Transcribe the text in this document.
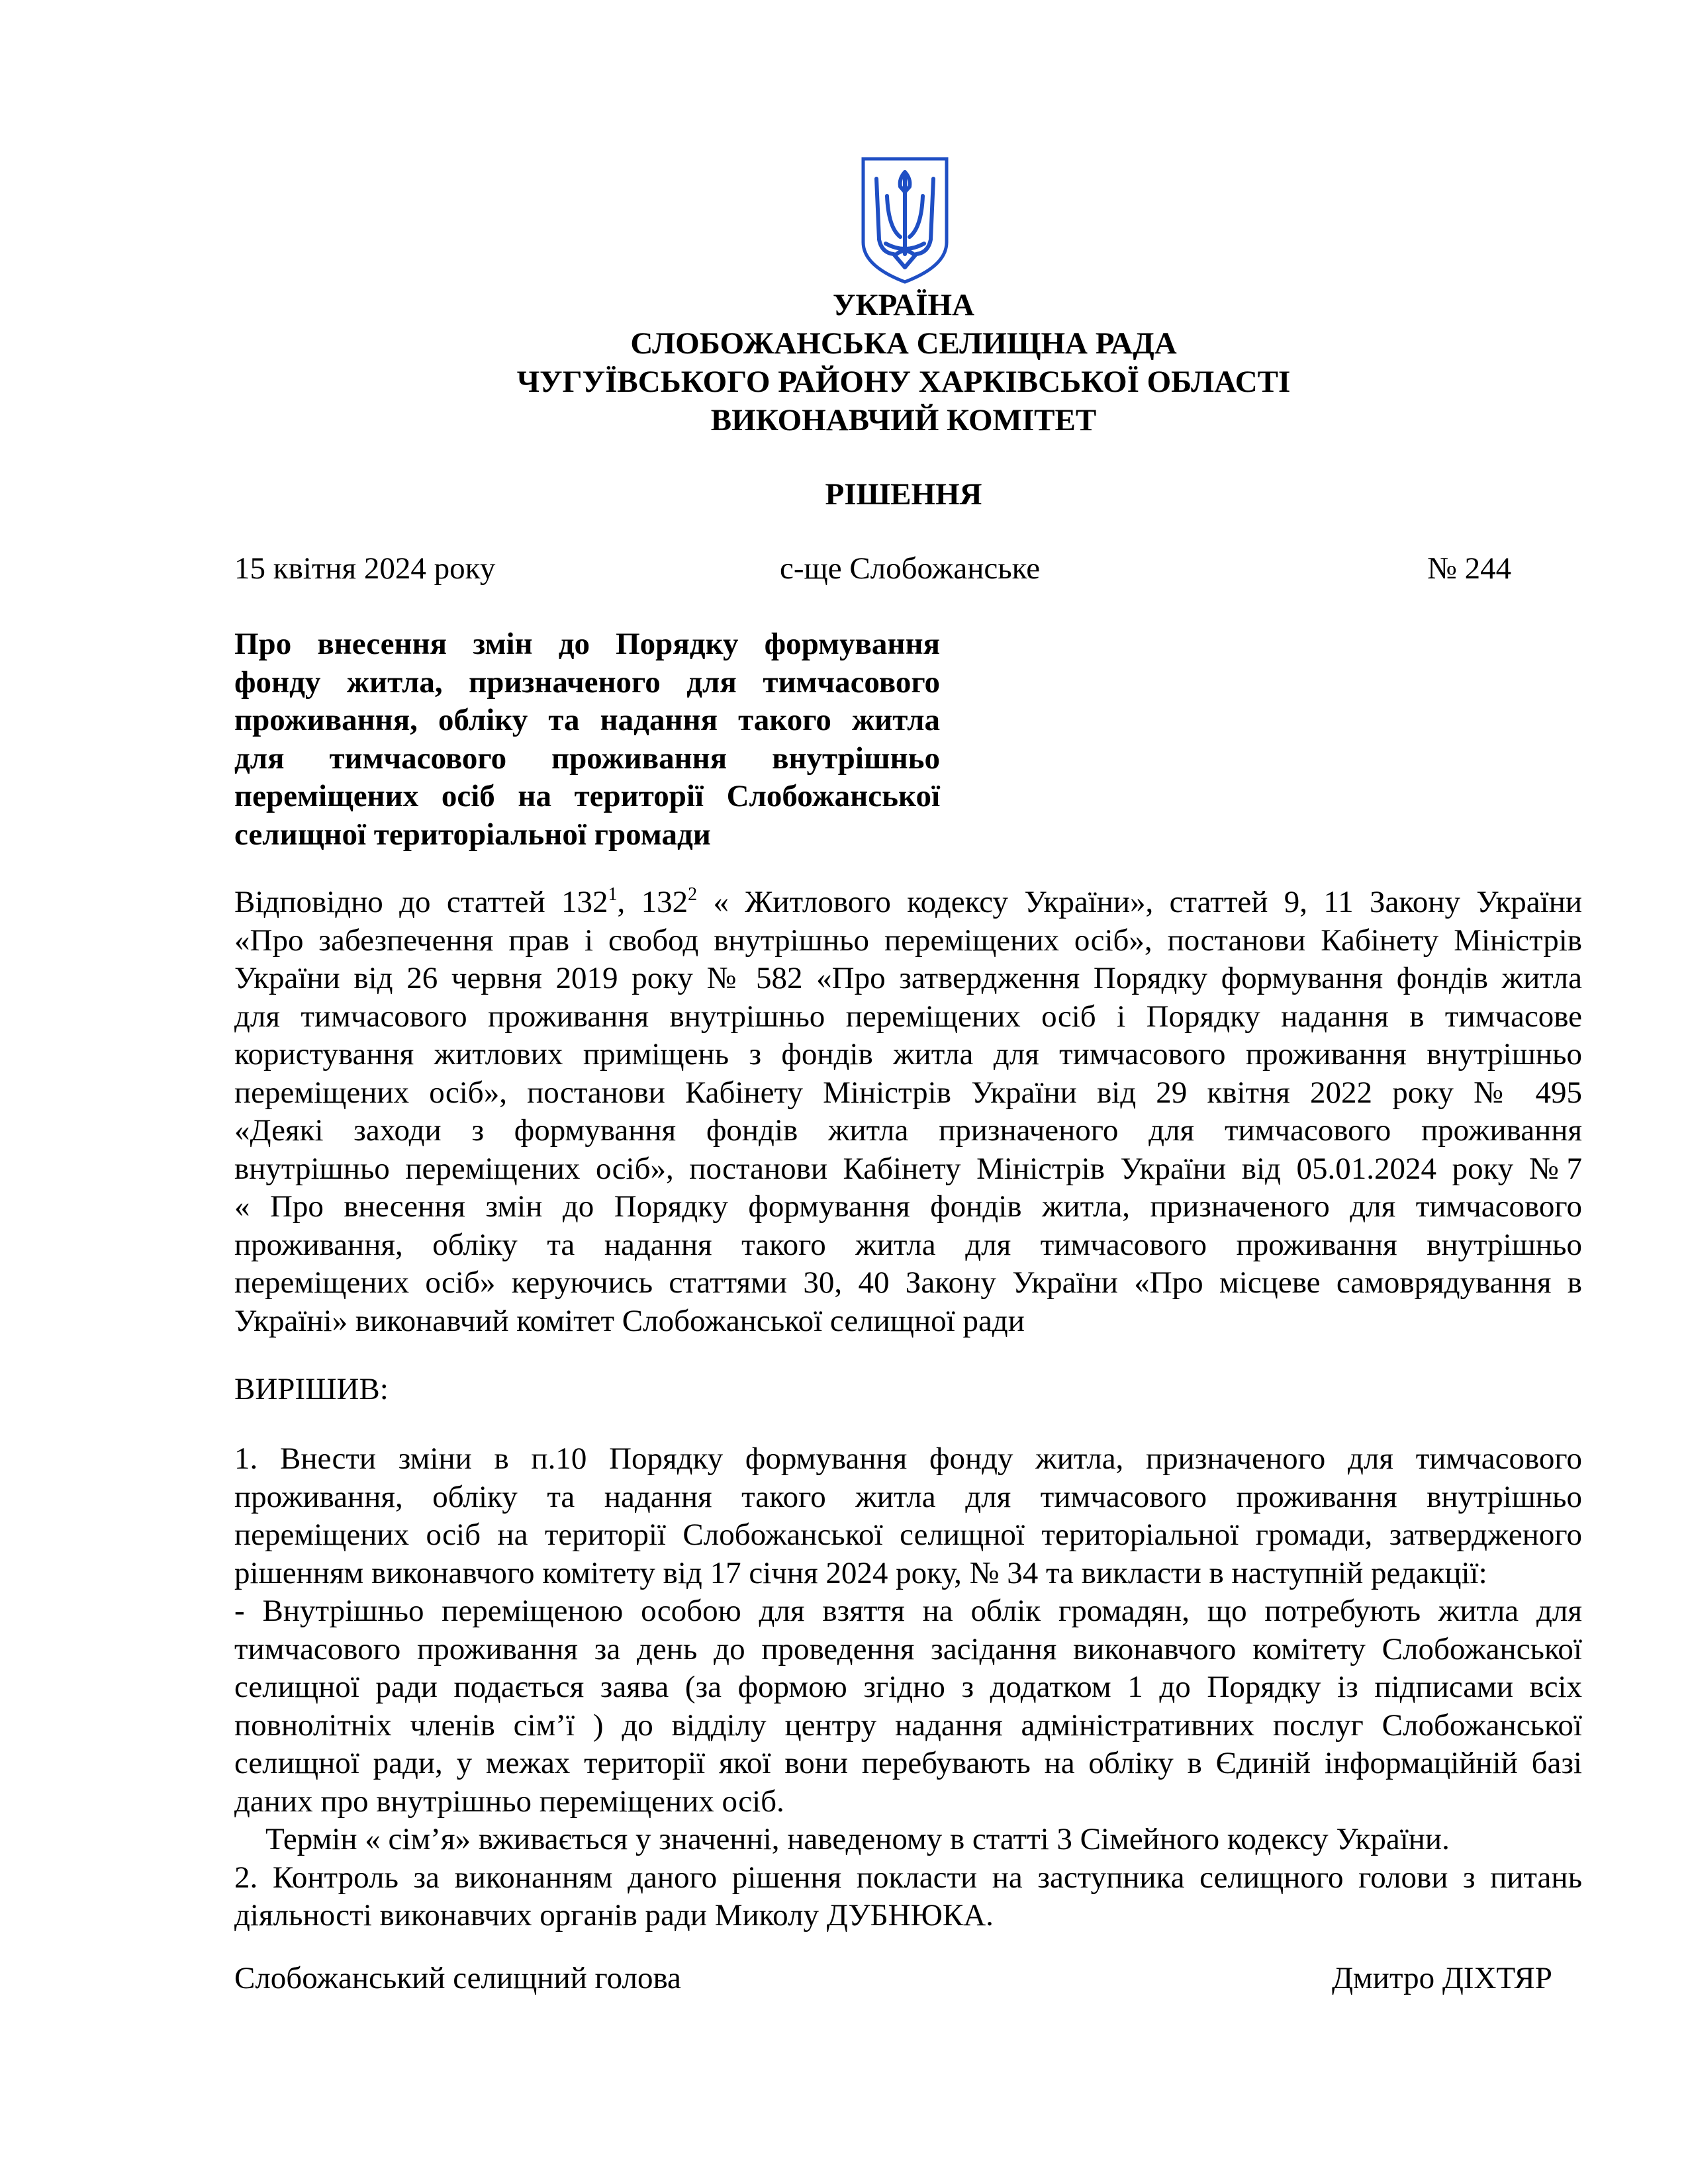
УКРАЇНА
СЛОБОЖАНСЬКА СЕЛИЩНА РАДА
ЧУГУЇВСЬКОГО РАЙОНУ ХАРКІВСЬКОЇ ОБЛАСТІ
ВИКОНАВЧИЙ КОМІТЕТ
РІШЕННЯ
15 квітня 2024 року	с-ще Слобожанське	№ 244
Про внесення змін до Порядку формування
фонду житла, призначеного для тимчасового
проживання, обліку та надання такого житла
для тимчасового проживання внутрішньо
переміщених осіб на території Слобожанської
селищної територіальної громади
Відповідно до статтей $132^1$, $132^2$ « Житлового кодексу України», статтей 9, 11 Закону України
«Про забезпечення прав і свобод внутрішньо переміщених осіб», постанови Кабінету Міністрів
України від 26 червня 2019 року № 582 «Про затвердження Порядку формування фондів житла
для тимчасового проживання внутрішньо переміщених осіб і Порядку надання в тимчасове
користування житлових приміщень з фондів житла для тимчасового проживання внутрішньо
переміщених осіб», постанови Кабінету Міністрів України від 29 квітня 2022 року № 495
«Деякі заходи з формування фондів житла призначеного для тимчасового проживання
внутрішньо переміщених осіб», постанови Кабінету Міністрів України від 05.01.2024 року №7
« Про внесення змін до Порядку формування фондів житла, призначеного для тимчасового
проживання, обліку та надання такого житла для тимчасового проживання внутрішньо
переміщених осіб» керуючись статтями 30, 40 Закону України «Про місцеве самоврядування в
Україні» виконавчий комітет Слобожанської селищної ради
ВИРІШИВ:
1. Внести зміни в п.10 Порядку формування фонду житла, призначеного для тимчасового
проживання, обліку та надання такого житла для тимчасового проживання внутрішньо
переміщених осіб на території Слобожанської селищної територіальної громади, затвердженого
рішенням виконавчого комітету від 17 січня 2024 року, № 34 та викласти в наступній редакції:
- Внутрішньо переміщеною особою для взяття на облік громадян, що потребують житла для
тимчасового проживання за день до проведення засідання виконавчого комітету Слобожанської
селищної ради подається заява (за формою згідно з додатком 1 до Порядку із підписами всіх
повнолітніх членів сім’ї ) до відділу центру надання адміністративних послуг Слобожанської
селищної ради, у межах території якої вони перебувають на обліку в Єдиній інформаційній базі
даних про внутрішньо переміщених осіб.
Термін « сім’я» вживається у значенні, наведеному в статті 3 Сімейного кодексу України.
2. Контроль за виконанням даного рішення покласти на заступника селищного голови з питань
діяльності виконавчих органів ради Миколу ДУБНЮКА.
Слобожанський селищний голова	Дмитро ДІХТЯР
